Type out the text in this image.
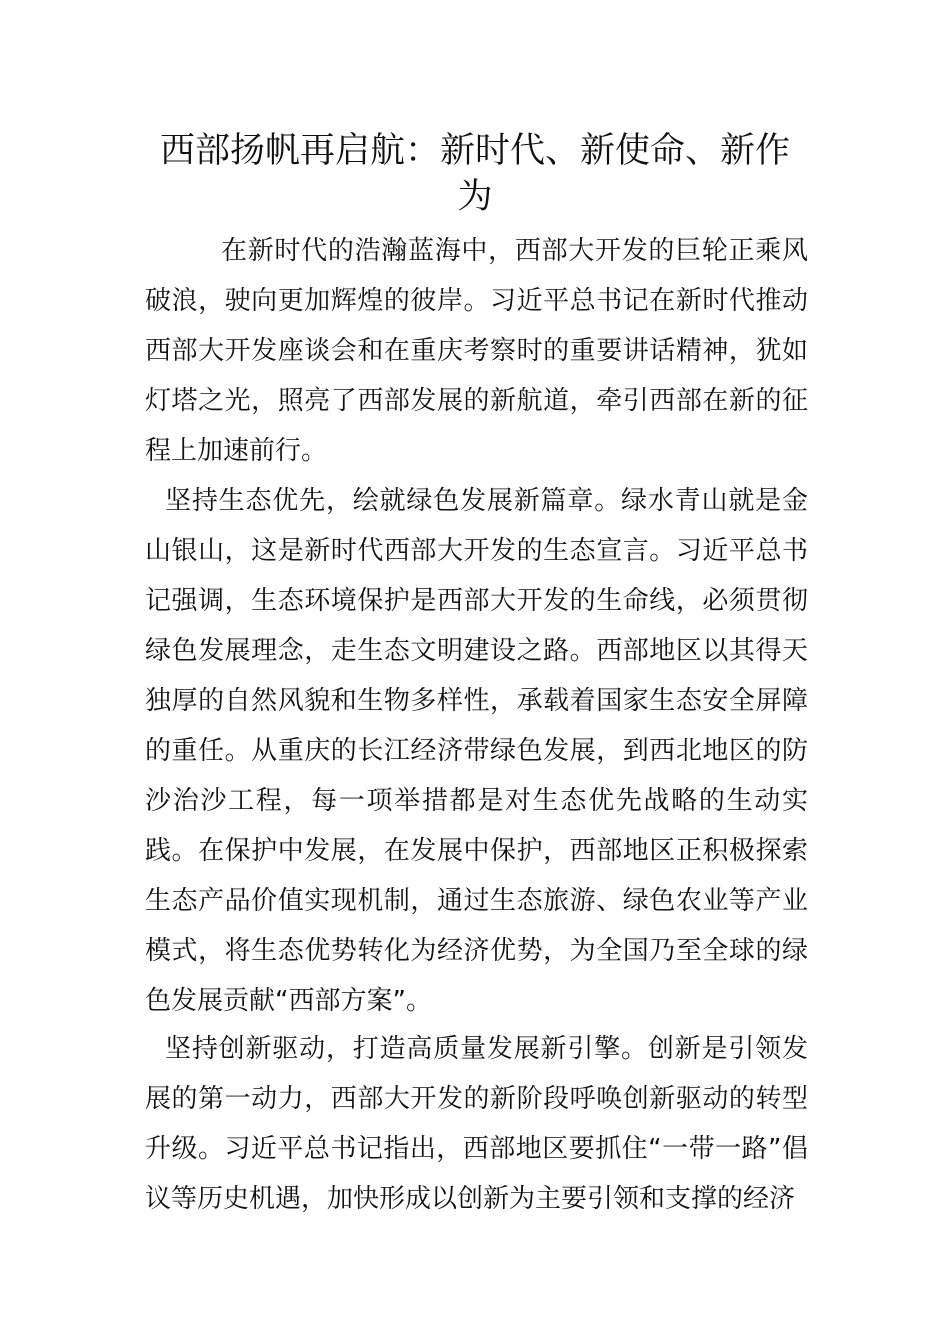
西部扬帆再启航：新时代、新使命、新作为

在新时代的浩瀚蓝海中，西部大开发的巨轮正乘风破浪，驶向更加辉煌的彼岸。习近平总书记在新时代推动西部大开发座谈会和在重庆考察时的重要讲话精神，犹如灯塔之光，照亮了西部发展的新航道，牵引西部在新的征程上加速前行。

坚持生态优先，绘就绿色发展新篇章。绿水青山就是金山银山，这是新时代西部大开发的生态宣言。习近平总书记强调，生态环境保护是西部大开发的生命线，必须贯彻绿色发展理念，走生态文明建设之路。西部地区以其得天独厚的自然风貌和生物多样性，承载着国家生态安全屏障的重任。从重庆的长江经济带绿色发展，到西北地区的防沙治沙工程，每一项举措都是对生态优先战略的生动实践。在保护中发展，在发展中保护，西部地区正积极探索生态产品价值实现机制，通过生态旅游、绿色农业等产业模式，将生态优势转化为经济优势，为全国乃至全球的绿色发展贡献“西部方案”。

坚持创新驱动，打造高质量发展新引擎。创新是引领发展的第一动力，西部大开发的新阶段呼唤创新驱动的转型升级。习近平总书记指出，西部地区要抓住“一带一路”倡议等历史机遇，加快形成以创新为主要引领和支撑的经济
